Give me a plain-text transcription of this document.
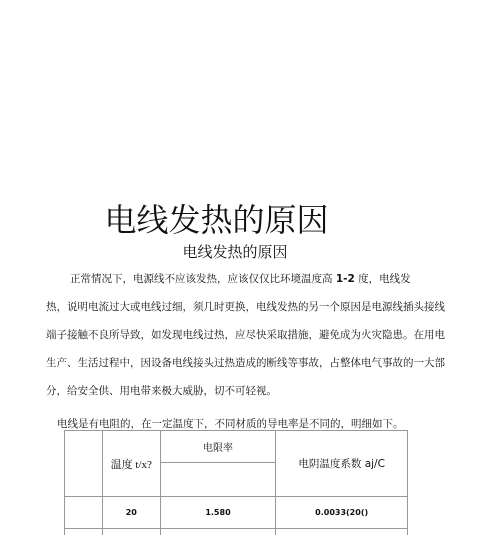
电线发热的原因
电线发热的原因
正常情况下，电源线不应该发热，应该仅仅比环境温度高 1-2 度，电线发
热，说明电流过大或电线过细，须几时更换，电线发热的另一个原因是电源线插头接线
端子接触不良所导致，如发现电线过热，应尽快采取措施，避免成为火灾隐患。在用电
生产、生活过程中，因设备电线接头过热造成的断线等事故，占整体电气事故的一大部
分，给安全供、用电带来极大威胁，切不可轻视。
电线是有电阻的，在一定温度下，不同材质的导电率是不同的，明细如下。
	温度 t/x?	电限率	电阴温度系数 aj/C

	20	1.580	0.0033(20()
